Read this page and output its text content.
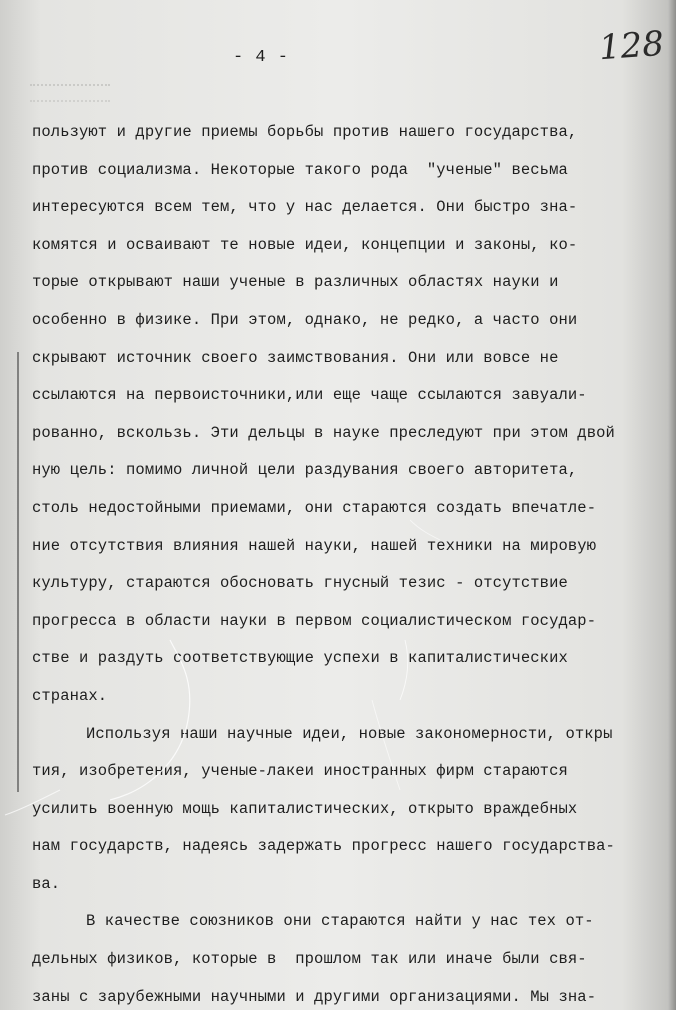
- 4 -	128
пользуют и другие приемы борьбы против нашего государства,
против социализма. Некоторые такого рода  "ученые" весьма
интересуются всем тем, что у нас делается. Они быстро зна-
комятся и осваивают те новые идеи, концепции и законы, ко-
торые открывают наши ученые в различных областях науки и
особенно в физике. При этом, однако, не редко, а часто они
скрывают источник своего заимствования. Они или вовсе не
ссылаются на первоисточники,или еще чаще ссылаются завуали-
рованно, вскользь. Эти дельцы в науке преследуют при этом двой
ную цель: помимо личной цели раздувания своего авторитета,
столь недостойными приемами, они стараются создать впечатле-
ние отсутствия влияния нашей науки, нашей техники на мировую
культуру, стараются обосновать гнусный тезис - отсутствие
прогресса в области науки в первом социалистическом государ-
стве и раздуть соответствующие успехи в капиталистических
странах.
Используя наши научные идеи, новые закономерности, откры
тия, изобретения, ученые-лакеи иностранных фирм стараются
усилить военную мощь капиталистических, открыто враждебных
нам государств, надеясь задержать прогресс нашего государства-
ва.
В качестве союзников они стараются найти у нас тех от-
дельных физиков, которые в  прошлом так или иначе были свя-
заны с зарубежными научными и другими организациями. Мы зна-
